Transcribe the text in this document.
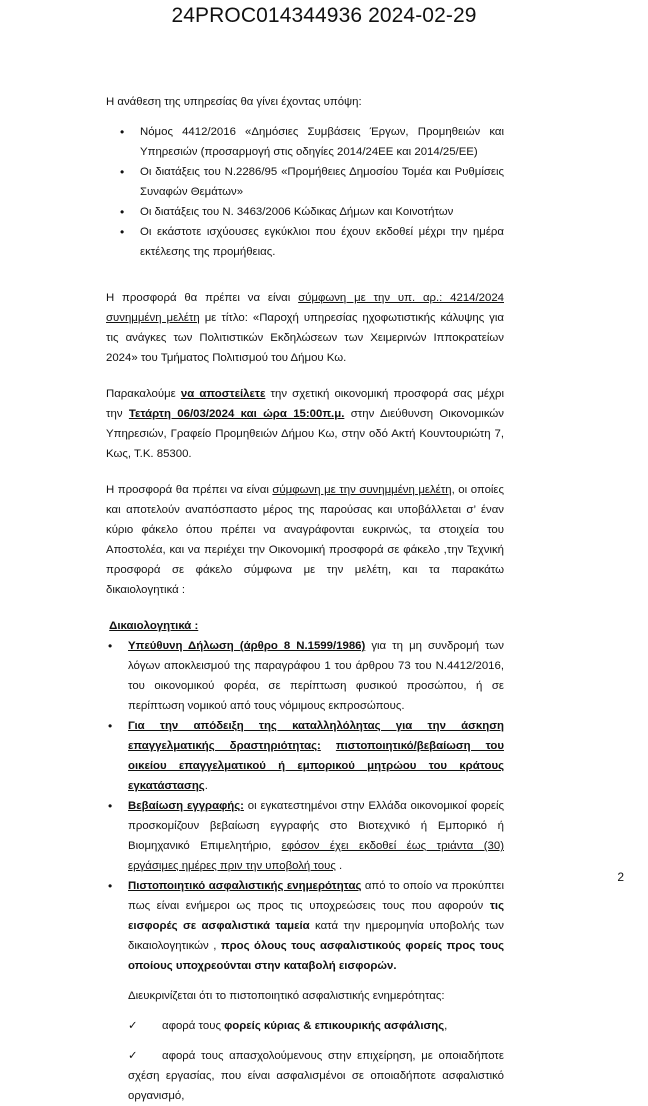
24PROC014344936 2024-02-29

Η ανάθεση της υπηρεσίας θα γίνει έχοντας υπόψη:

• Νόμος 4412/2016 «Δημόσιες Συμβάσεις Έργων, Προμηθειών και Υπηρεσιών (προσαρμογή στις οδηγίες 2014/24ΕΕ και 2014/25/ΕΕ)
• Οι διατάξεις του Ν.2286/95 «Προμήθειες Δημοσίου Τομέα και Ρυθμίσεις Συναφών Θεμάτων»
• Οι διατάξεις του Ν. 3463/2006 Κώδικας Δήμων και Κοινοτήτων
• Οι εκάστοτε ισχύουσες εγκύκλιοι που έχουν εκδοθεί μέχρι την ημέρα εκτέλεσης της προμήθειας.

Η προσφορά θα πρέπει να είναι σύμφωνη με την υπ. αρ.: 4214/2024 συνημμένη μελέτη με τίτλο: «Παροχή υπηρεσίας ηχοφωτιστικής κάλυψης για τις ανάγκες των Πολιτιστικών Εκδηλώσεων των Χειμερινών Ιπποκρατείων 2024» του Τμήματος Πολιτισμού του Δήμου Κω.

Παρακαλούμε να αποστείλετε την σχετική οικονομική προσφορά σας μέχρι την Τετάρτη 06/03/2024 και ώρα 15:00π.μ. στην Διεύθυνση Οικονομικών Υπηρεσιών, Γραφείο Προμηθειών Δήμου Κω, στην οδό Ακτή Κουντουριώτη 7, Κως, Τ.Κ. 85300.

Η προσφορά θα πρέπει να είναι σύμφωνη με την συνημμένη μελέτη, οι οποίες και αποτελούν αναπόσπαστο μέρος της παρούσας και υποβάλλεται σ’ έναν κύριο φάκελο όπου πρέπει να αναγράφονται ευκρινώς, τα στοιχεία του Αποστολέα, και να περιέχει την Οικονομική προσφορά σε φάκελο ,την Τεχνική προσφορά σε φάκελο σύμφωνα με την μελέτη, και τα παρακάτω δικαιολογητικά :

Δικαιολογητικά :

• Υπεύθυνη Δήλωση (άρθρο 8 Ν.1599/1986) για τη μη συνδρομή των λόγων αποκλεισμού της παραγράφου 1 του άρθρου 73 του Ν.4412/2016, του οικονομικού φορέα, σε περίπτωση φυσικού προσώπου, ή σε περίπτωση νομικού από τους νόμιμους εκπροσώπους.
• Για την απόδειξη της καταλληλόλητας για την άσκηση επαγγελματικής δραστηριότητας: πιστοποιητικό/βεβαίωση του οικείου επαγγελματικού ή εμπορικού μητρώου του κράτους εγκατάστασης.
• Βεβαίωση εγγραφής: οι εγκατεστημένοι στην Ελλάδα οικονομικοί φορείς προσκομίζουν βεβαίωση εγγραφής στο Βιοτεχνικό ή Εμπορικό ή Βιομηχανικό Επιμελητήριο, εφόσον έχει εκδοθεί έως τριάντα (30) εργάσιμες ημέρες πριν την υποβολή τους .
• Πιστοποιητικό ασφαλιστικής ενημερότητας από το οποίο να προκύπτει πως είναι ενήμεροι ως προς τις υποχρεώσεις τους που αφορούν τις εισφορές σε ασφαλιστικά ταμεία κατά την ημερομηνία υποβολής των δικαιολογητικών , προς όλους τους ασφαλιστικούς φορείς προς τους οποίους υποχρεούνται στην καταβολή εισφορών.

Διευκρινίζεται ότι το πιστοποιητικό ασφαλιστικής ενημερότητας:

✓ αφορά τους φορείς κύριας & επικουρικής ασφάλισης,

✓ αφορά τους απασχολούμενους στην επιχείρηση, με οποιαδήποτε σχέση εργασίας, που είναι ασφαλισμένοι σε οποιαδήποτε ασφαλιστικό οργανισμό,

2
